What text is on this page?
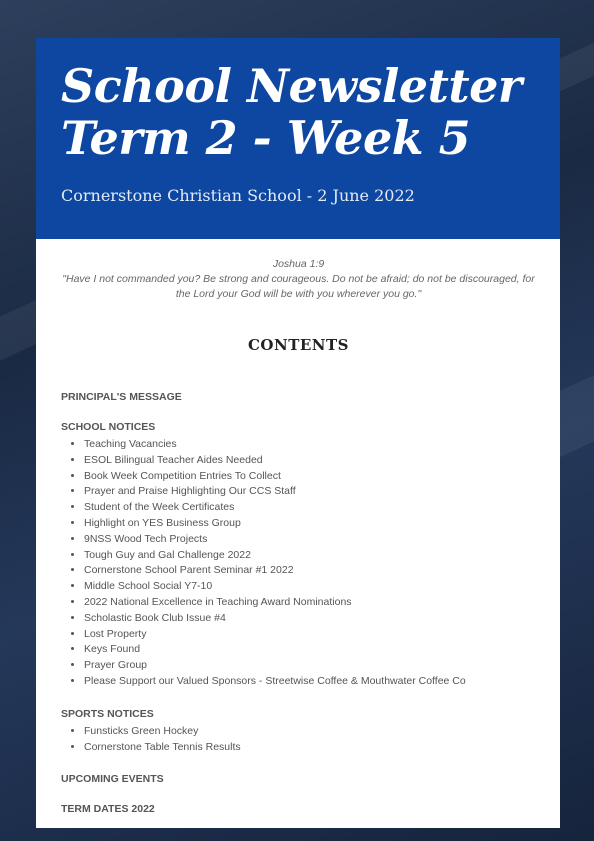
School Newsletter
Term 2 - Week 5
Cornerstone Christian School - 2 June 2022
Joshua 1:9
"Have I not commanded you? Be strong and courageous. Do not be afraid; do not be discouraged, for the Lord your God will be with you wherever you go."
CONTENTS
PRINCIPAL'S MESSAGE
SCHOOL NOTICES
• Teaching Vacancies
• ESOL Bilingual Teacher Aides Needed
• Book Week Competition Entries To Collect
• Prayer and Praise Highlighting Our CCS Staff
• Student of the Week Certificates
• Highlight on YES Business Group
• 9NSS Wood Tech Projects
• Tough Guy and Gal Challenge 2022
• Cornerstone School Parent Seminar #1 2022
• Middle School Social Y7-10
• 2022 National Excellence in Teaching Award Nominations
• Scholastic Book Club Issue #4
• Lost Property
• Keys Found
• Prayer Group
• Please Support our Valued Sponsors - Streetwise Coffee & Mouthwater Coffee Co
SPORTS NOTICES
• Funsticks Green Hockey
• Cornerstone Table Tennis Results
UPCOMING EVENTS
TERM DATES 2022
